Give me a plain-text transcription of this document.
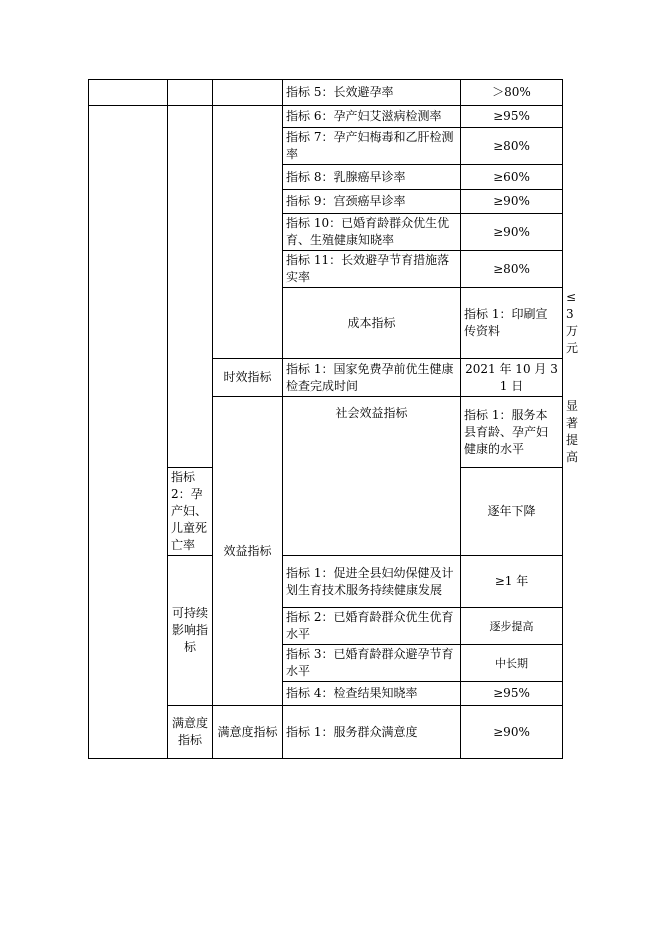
			指标 5：长效避孕率	＞80%	
			指标 6：孕产妇艾滋病检测率	≥95%	
			指标 7：孕产妇梅毒和乙肝检测率	≥80%	
			指标 8：乳腺癌早诊率	≥60%	
			指标 9：宫颈癌早诊率	≥90%	
			指标 10：已婚育龄群众优生优育、生殖健康知晓率	≥90%	
			指标 11：长效避孕节育措施落实率	≥80%	
			成本指标	指标 1：印刷宣传资料	≤3 万元
		时效指标	指标 1：国家免费孕前优生健康检查完成时间	2021 年 10 月 31 日	
		效益指标	社会效益指标	指标 1：服务本县育龄、孕产妇健康的水平	显著提高
	指标 2：孕产妇、儿童死亡率			逐年下降	
	可持续影响指标		指标 1：促进全县妇幼保健及计划生育技术服务持续健康发展	≥1 年	
			指标 2：已婚育龄群众优生优育水平	逐步提高	
			指标 3：已婚育龄群众避孕节育水平	中长期	
			指标 4：检查结果知晓率	≥95%	
	满意度指标	满意度指标	指标 1：服务群众满意度	≥90%	
